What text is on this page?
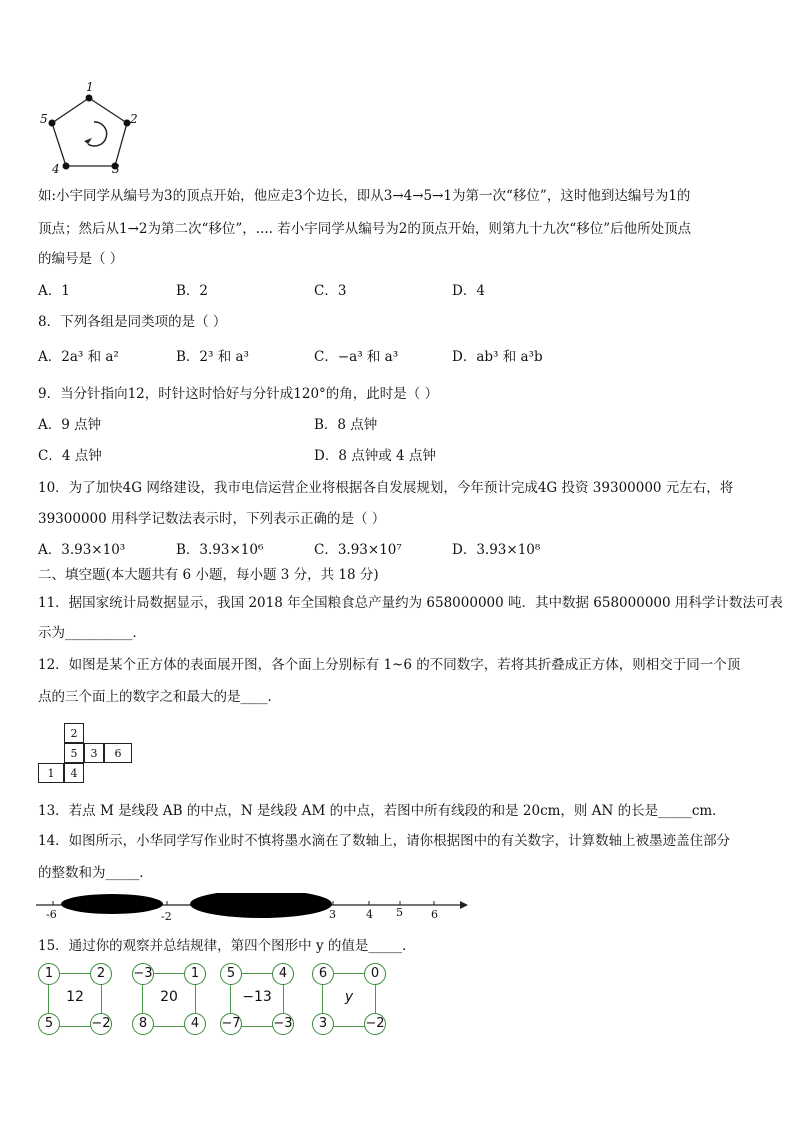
1
2
3
4
5
如:小宇同学从编号为3的顶点开始，他应走3个边长，即从3→4→5→1为第一次“移位”，这时他到达编号为1的
顶点；然后从1→2为第二次“移位”，.... 若小宇同学从编号为2的顶点开始，则第九十九次“移位”后他所处顶点
的编号是（ ）
A．1	B．2	C．3	D．4
8．下列各组是同类项的是（ ）
A．2a³ 和 a²	B．2³ 和 a³	C．−a³ 和 a³	D．ab³ 和 a³b
9．当分针指向12，时针这时恰好与分针成120°的角，此时是（ ）
A．9 点钟	B．8 点钟
C．4 点钟	D．8 点钟或 4 点钟
10．为了加快4G 网络建设，我市电信运营企业将根据各自发展规划，今年预计完成4G 投资 39300000 元左右，将
39300000 用科学记数法表示时，下列表示正确的是（ ）
A．3.93×10³	B．3.93×10⁶	C．3.93×10⁷	D．3.93×10⁸
二、填空题(本大题共有 6 小题，每小题 3 分，共 18 分)
11．据国家统计局数据显示，我国 2018 年全国粮食总产量约为 658000000 吨．其中数据 658000000 用科学计数法可表
示为__________．
12．如图是某个正方体的表面展开图，各个面上分别标有 1~6 的不同数字，若将其折叠成正方体，则相交于同一个顶
点的三个面上的数字之和最大的是____．
2
5	3	6
1	4
13．若点 M 是线段 AB 的中点，N 是线段 AM 的中点，若图中所有线段的和是 20cm，则 AN 的长是_____cm．
14．如图所示，小华同学写作业时不慎将墨水滴在了数轴上，请你根据图中的有关数字，计算数轴上被墨迹盖住部分
的整数和为_____．
-6	-2	3	4 5	6
15．通过你的观察并总结规律，第四个图形中 y 的值是_____．
1	2
5	−2
12
−3	1
8	4
20
5	4
−7	−3
−13
6	0
3	−2
y
